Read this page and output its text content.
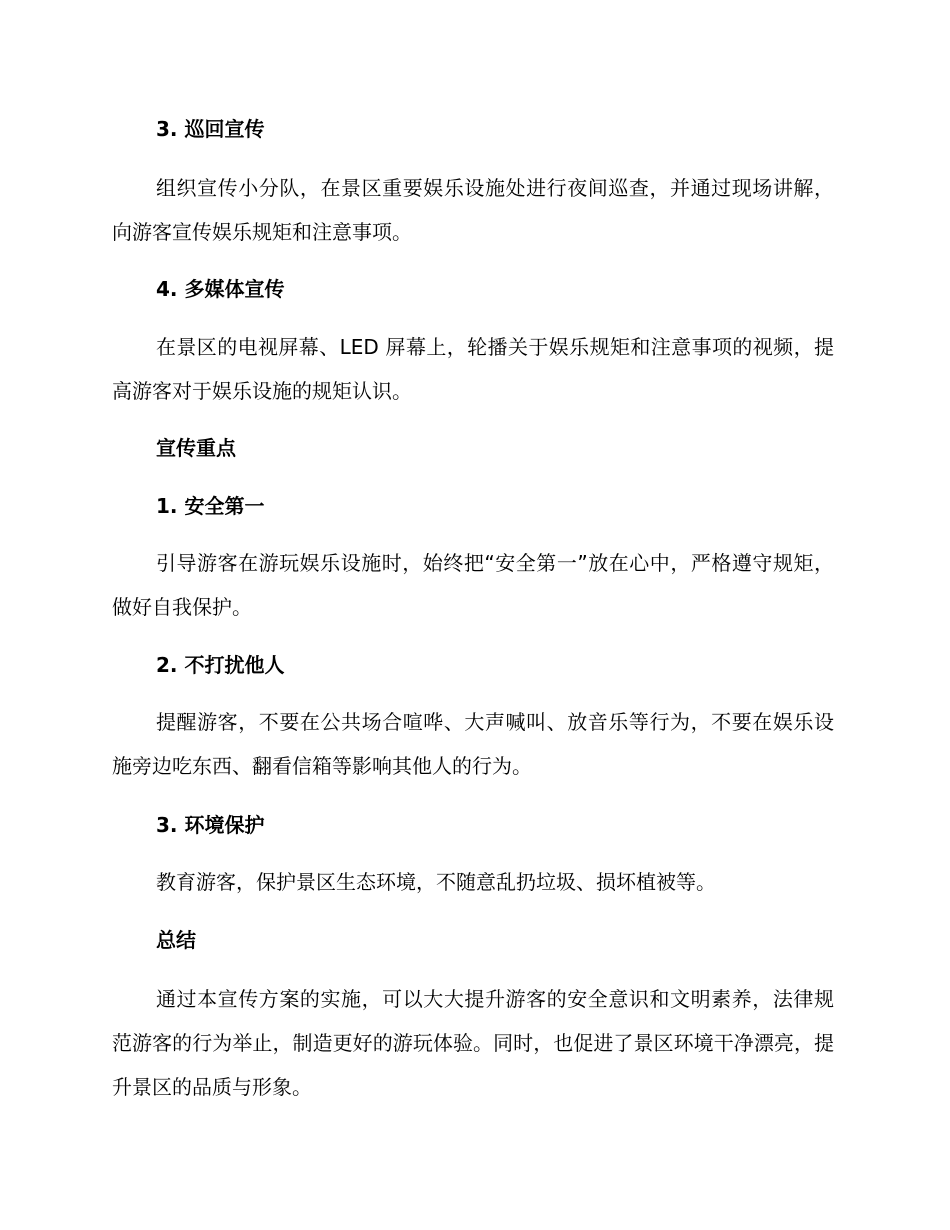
3. 巡回宣传
组织宣传小分队，在景区重要娱乐设施处进行夜间巡查，并通过现场讲解，向游客宣传娱乐规矩和注意事项。
4. 多媒体宣传
在景区的电视屏幕、LED 屏幕上，轮播关于娱乐规矩和注意事项的视频，提高游客对于娱乐设施的规矩认识。
宣传重点
1. 安全第一
引导游客在游玩娱乐设施时，始终把“安全第一”放在心中，严格遵守规矩，做好自我保护。
2. 不打扰他人
提醒游客，不要在公共场合喧哗、大声喊叫、放音乐等行为，不要在娱乐设施旁边吃东西、翻看信箱等影响其他人的行为。
3. 环境保护
教育游客，保护景区生态环境，不随意乱扔垃圾、损坏植被等。
总结
通过本宣传方案的实施，可以大大提升游客的安全意识和文明素养，法律规范游客的行为举止，制造更好的游玩体验。同时，也促进了景区环境干净漂亮，提升景区的品质与形象。
